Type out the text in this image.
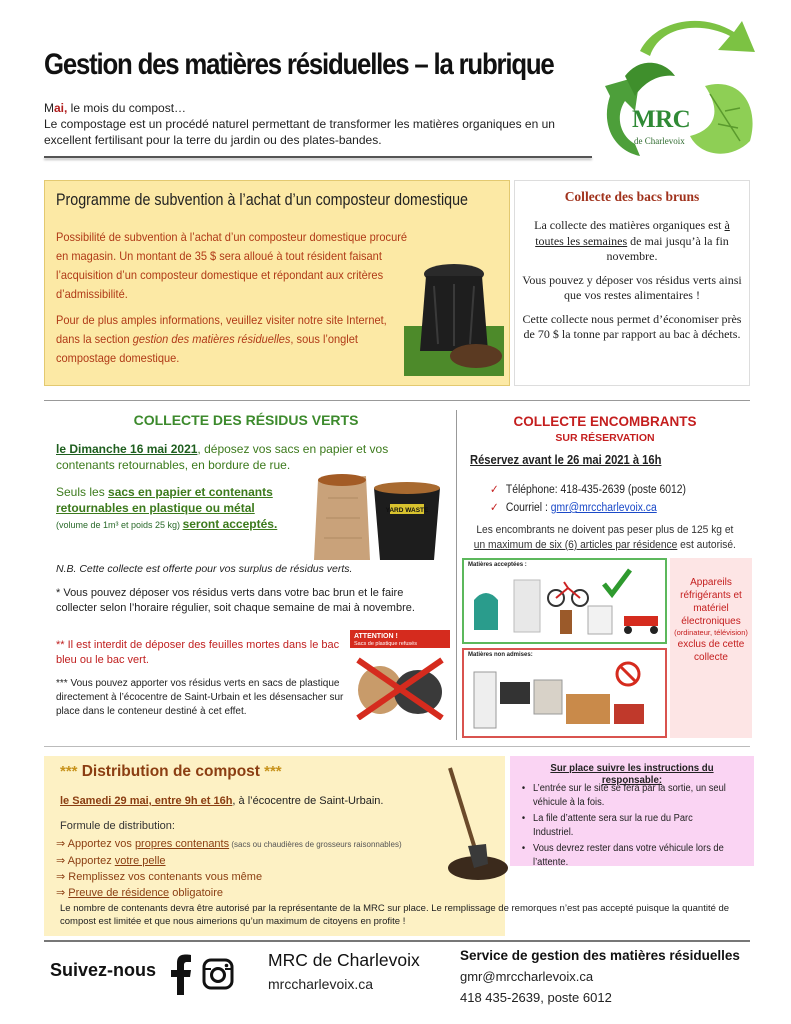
Gestion des matières résiduelles – la rubrique
Mai, le mois du compost…
Le compostage est un procédé naturel permettant de transformer les matières organiques en un excellent fertilisant pour la terre du jardin ou des plates-bandes.
MRC
de Charlevoix
Programme de subvention à l’achat d’un composteur domestique

Possibilité de subvention à l’achat d’un composteur domestique procuré en magasin. Un montant de 35 $ sera alloué à tout résident faisant l’acquisition d’un composteur domestique et répondant aux critères d’admissibilité.

Pour de plus amples informations, veuillez visiter notre site Internet, dans la section gestion des matières résiduelles, sous l’onglet compostage domestique.

Collecte des bacs bruns

La collecte des matières organiques est à toutes les semaines de mai jusqu’à la fin novembre.

Vous pouvez y déposer vos résidus verts ainsi que vos restes alimentaires !

Cette collecte nous permet d’économiser près de 70 $ la tonne par rapport au bac à déchets.

COLLECTE DES RÉSIDUS VERTS
le Dimanche 16 mai 2021, déposez vos sacs en papier et vos contenants retournables, en bordure de rue.
Seuls les sacs en papier et contenants retournables en plastique ou métal
(volume de 1m³ et poids 25 kg) seront acceptés.
YARD WASTE
N.B. Cette collecte est offerte pour vos surplus de résidus verts.
* Vous pouvez déposer vos résidus verts dans votre bac brun et le faire collecter selon l’horaire régulier, soit chaque semaine de mai à novembre.
** Il est interdit de déposer des feuilles mortes dans le bac bleu ou le bac vert.
*** Vous pouvez apporter vos résidus verts en sacs de plastique directement à l’écocentre de Saint-Urbain et les désensacher sur place dans le conteneur destiné à cet effet.
ATTENTION !
Sacs de plastique refusés
COLLECTE ENCOMBRANTS
SUR RÉSERVATION
Réservez avant le 26 mai 2021 à 16h
✓ Téléphone: 418-435-2639 (poste 6012)
✓ Courriel : gmr@mrccharlevoix.ca
Les encombrants ne doivent pas peser plus de 125 kg et un maximum de six (6) articles par résidence est autorisé.
Matières acceptées :
Matières non admises:
Appareils réfrigérants et matériel électroniques
(ordinateur, télévision)
exclus de cette collecte
*** Distribution de compost ***
le Samedi 29 mai, entre 9h et 16h, à l’écocentre de Saint-Urbain.
Formule de distribution:
⇒ Apportez vos propres contenants (sacs ou chaudières de grosseurs raisonnables)
⇒ Apportez votre pelle
⇒ Remplissez vos contenants vous même
⇒ Preuve de résidence obligatoire
Le nombre de contenants devra être autorisé par la représentante de la MRC sur place. Le remplissage de remorques n’est pas accepté puisque la quantité de compost est limitée et que nous aimerions qu’un maximum de citoyens en profite !
Sur place suivre les instructions du responsable:
• L’entrée sur le site se fera par la sortie, un seul véhicule à la fois.
• La file d’attente sera sur la rue du Parc Industriel.
• Vous devrez rester dans votre véhicule lors de l’attente.
Suivez-nous	MRC de Charlevoix
mrccharlevoix.ca
Service de gestion des matières résiduelles
gmr@mrccharlevoix.ca
418 435-2639, poste 6012
